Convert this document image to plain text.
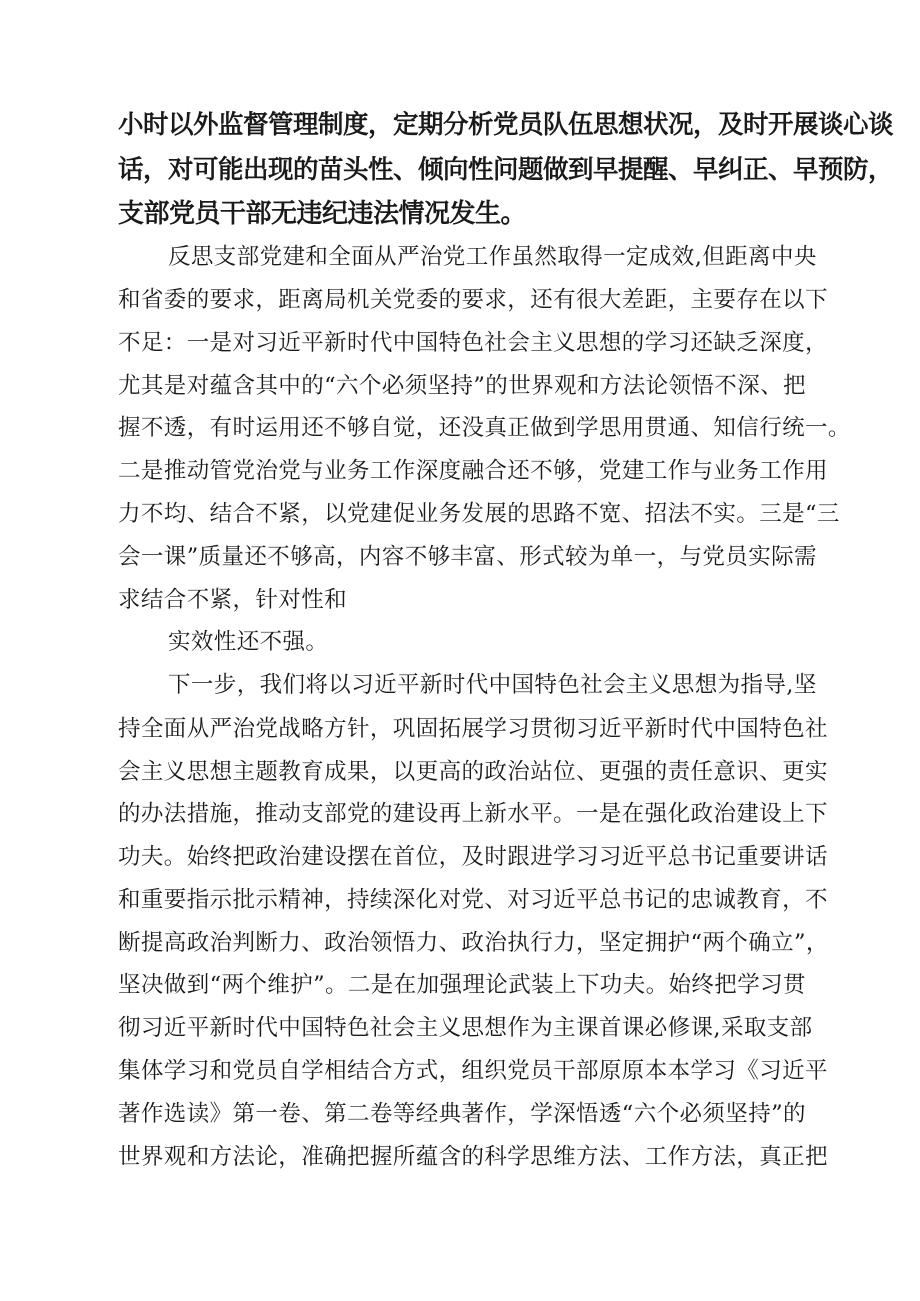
小时以外监督管理制度，定期分析党员队伍思想状况，及时开展谈心谈

话，对可能出现的苗头性、倾向性问题做到早提醒、早纠正、早预防，

支部党员干部无违纪违法情况发生。

反思支部党建和全面从严治党工作虽然取得一定成效,但距离中央

和省委的要求，距离局机关党委的要求，还有很大差距，主要存在以下

不足：一是对习近平新时代中国特色社会主义思想的学习还缺乏深度，

尤其是对蕴含其中的“六个必须坚持”的世界观和方法论领悟不深、把

握不透，有时运用还不够自觉，还没真正做到学思用贯通、知信行统一。

二是推动管党治党与业务工作深度融合还不够，党建工作与业务工作用

力不均、结合不紧，以党建促业务发展的思路不宽、招法不实。三是“三

会一课”质量还不够高，内容不够丰富、形式较为单一，与党员实际需

求结合不紧，针对性和

实效性还不强。

下一步，我们将以习近平新时代中国特色社会主义思想为指导,坚

持全面从严治党战略方针，巩固拓展学习贯彻习近平新时代中国特色社

会主义思想主题教育成果，以更高的政治站位、更强的责任意识、更实

的办法措施，推动支部党的建设再上新水平。一是在强化政治建设上下

功夫。始终把政治建设摆在首位，及时跟进学习习近平总书记重要讲话

和重要指示批示精神，持续深化对党、对习近平总书记的忠诚教育，不

断提高政治判断力、政治领悟力、政治执行力，坚定拥护“两个确立”，

坚决做到“两个维护”。二是在加强理论武装上下功夫。始终把学习贯

彻习近平新时代中国特色社会主义思想作为主课首课必修课,采取支部

集体学习和党员自学相结合方式，组织党员干部原原本本学习《习近平

著作选读》第一卷、第二卷等经典著作，学深悟透“六个必须坚持”的

世界观和方法论，准确把握所蕴含的科学思维方法、工作方法，真正把
